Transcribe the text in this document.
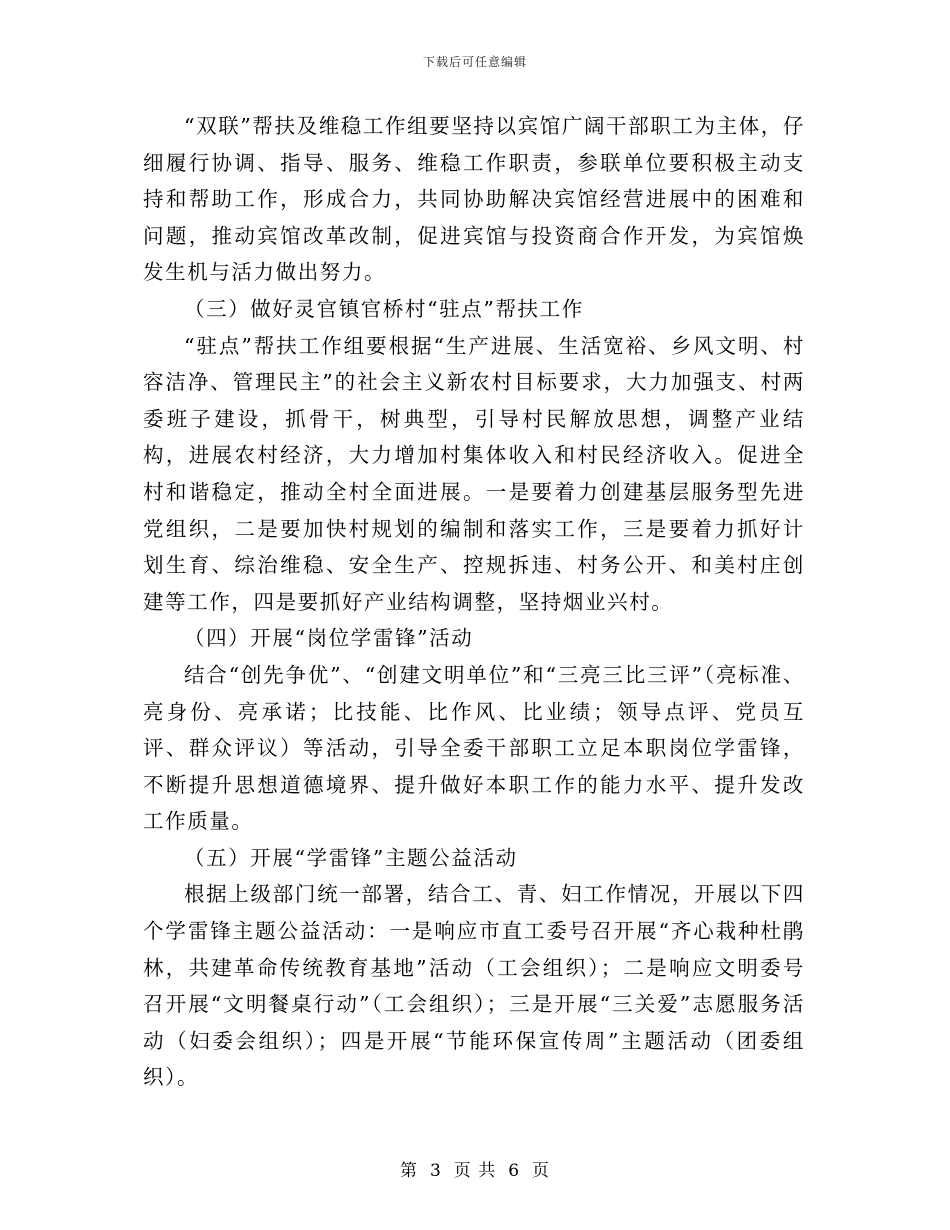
下载后可任意编辑

“双联”帮扶及维稳工作组要坚持以宾馆广阔干部职工为主体，仔细履行协调、指导、服务、维稳工作职责，参联单位要积极主动支持和帮助工作，形成合力，共同协助解决宾馆经营进展中的困难和问题，推动宾馆改革改制，促进宾馆与投资商合作开发，为宾馆焕发生机与活力做出努力。

（三）做好灵官镇官桥村“驻点”帮扶工作

“驻点”帮扶工作组要根据“生产进展、生活宽裕、乡风文明、村容洁净、管理民主”的社会主义新农村目标要求，大力加强支、村两委班子建设，抓骨干，树典型，引导村民解放思想，调整产业结构，进展农村经济，大力增加村集体收入和村民经济收入。促进全村和谐稳定，推动全村全面进展。一是要着力创建基层服务型先进党组织，二是要加快村规划的编制和落实工作，三是要着力抓好计划生育、综治维稳、安全生产、控规拆违、村务公开、和美村庄创建等工作，四是要抓好产业结构调整，坚持烟业兴村。

（四）开展“岗位学雷锋”活动

结合“创先争优”、“创建文明单位”和“三亮三比三评”（亮标准、亮身份、亮承诺；比技能、比作风、比业绩；领导点评、党员互评、群众评议）等活动，引导全委干部职工立足本职岗位学雷锋，不断提升思想道德境界、提升做好本职工作的能力水平、提升发改工作质量。

（五）开展“学雷锋”主题公益活动

根据上级部门统一部署，结合工、青、妇工作情况，开展以下四个学雷锋主题公益活动：一是响应市直工委号召开展“齐心栽种杜鹃林，共建革命传统教育基地”活动（工会组织）；二是响应文明委号召开展“文明餐桌行动”（工会组织）；三是开展“三关爱”志愿服务活动（妇委会组织）；四是开展“节能环保宣传周”主题活动（团委组织）。

第 3 页 共 6 页
